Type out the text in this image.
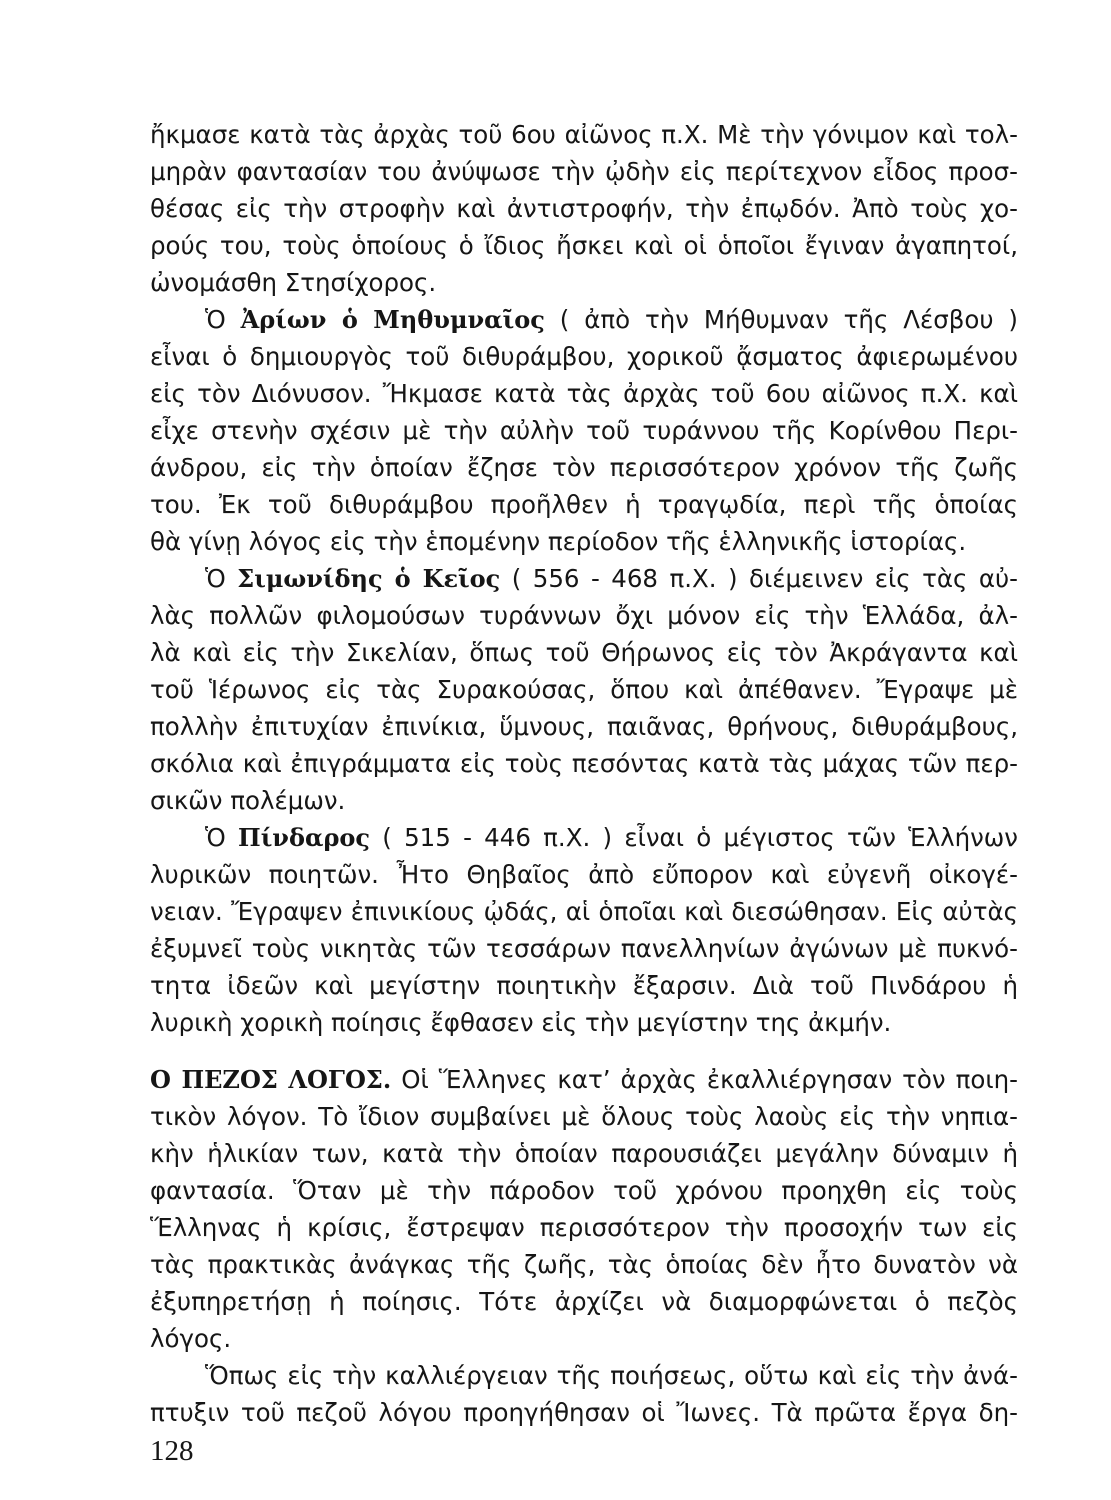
ἤκμασε κατὰ τὰς ἀρχὰς τοῦ 6ου αἰῶνος π.Χ. Μὲ τὴν γόνιμον καὶ τολ-
μηρὰν φαντασίαν του ἀνύψωσε τὴν ᾠδὴν εἰς περίτεχνον εἶδος προσ-
θέσας εἰς τὴν στροφὴν καὶ ἀντιστροφήν, τὴν ἐπῳδόν. Ἀπὸ τοὺς χο-
ρούς του, τοὺς ὁποίους ὁ ἴδιος ἤσκει καὶ οἱ ὁποῖοι ἔγιναν ἀγαπητοί,
ὠνομάσθη Στησίχορος.
Ὁ Ἀρίων ὁ Μηθυμναῖος ( ἀπὸ τὴν Μήθυμναν τῆς Λέσβου )
εἶναι ὁ δημιουργὸς τοῦ διθυράμβου, χορικοῦ ᾄσματος ἀφιερωμένου
εἰς τὸν Διόνυσον. Ἤκμασε κατὰ τὰς ἀρχὰς τοῦ 6ου αἰῶνος π.Χ. καὶ
εἶχε στενὴν σχέσιν μὲ τὴν αὐλὴν τοῦ τυράννου τῆς Κορίνθου Περι-
άνδρου, εἰς τὴν ὁποίαν ἔζησε τὸν περισσότερον χρόνον τῆς ζωῆς
του. Ἐκ τοῦ διθυράμβου προῆλθεν ἡ τραγῳδία, περὶ τῆς ὁποίας
θὰ γίνῃ λόγος εἰς τὴν ἑπομένην περίοδον τῆς ἑλληνικῆς ἱστορίας.
Ὁ Σιμωνίδης ὁ Κεῖος ( 556 - 468 π.Χ. ) διέμεινεν εἰς τὰς αὐ-
λὰς πολλῶν φιλομούσων τυράννων ὄχι μόνον εἰς τὴν Ἑλλάδα, ἀλ-
λὰ καὶ εἰς τὴν Σικελίαν, ὅπως τοῦ Θήρωνος εἰς τὸν Ἀκράγαντα καὶ
τοῦ Ἱέρωνος εἰς τὰς Συρακούσας, ὅπου καὶ ἀπέθανεν. Ἔγραψε μὲ
πολλὴν ἐπιτυχίαν ἐπινίκια, ὕμνους, παιᾶνας, θρήνους, διθυράμβους,
σκόλια καὶ ἐπιγράμματα εἰς τοὺς πεσόντας κατὰ τὰς μάχας τῶν περ-
σικῶν πολέμων.
Ὁ Πίνδαρος ( 515 - 446 π.Χ. ) εἶναι ὁ μέγιστος τῶν Ἑλλήνων
λυρικῶν ποιητῶν. Ἦτο Θηβαῖος ἀπὸ εὔπορον καὶ εὐγενῆ οἰκογέ-
νειαν. Ἔγραψεν ἐπινικίους ᾠδάς, αἱ ὁποῖαι καὶ διεσώθησαν. Εἰς αὐτὰς
ἐξυμνεῖ τοὺς νικητὰς τῶν τεσσάρων πανελληνίων ἀγώνων μὲ πυκνό-
τητα ἰδεῶν καὶ μεγίστην ποιητικὴν ἔξαρσιν. Διὰ τοῦ Πινδάρου ἡ
λυρικὴ χορικὴ ποίησις ἔφθασεν εἰς τὴν μεγίστην της ἀκμήν.
Ο ΠΕΖΟΣ ΛΟΓΟΣ. Οἱ Ἕλληνες κατ’ ἀρχὰς ἐκαλλιέργησαν τὸν ποιη-
τικὸν λόγον. Τὸ ἴδιον συμβαίνει μὲ ὅλους τοὺς λαοὺς εἰς τὴν νηπια-
κὴν ἡλικίαν των, κατὰ τὴν ὁποίαν παρουσιάζει μεγάλην δύναμιν ἡ
φαντασία. Ὅταν μὲ τὴν πάροδον τοῦ χρόνου προηχθη εἰς τοὺς
Ἕλληνας ἡ κρίσις, ἔστρεψαν περισσότερον τὴν προσοχήν των εἰς
τὰς πρακτικὰς ἀνάγκας τῆς ζωῆς, τὰς ὁποίας δὲν ἦτο δυνατὸν νὰ
ἐξυπηρετήσῃ ἡ ποίησις. Τότε ἀρχίζει νὰ διαμορφώνεται ὁ πεζὸς
λόγος.
Ὅπως εἰς τὴν καλλιέργειαν τῆς ποιήσεως, οὕτω καὶ εἰς τὴν ἀνά-
πτυξιν τοῦ πεζοῦ λόγου προηγήθησαν οἱ Ἴωνες. Τὰ πρῶτα ἔργα δη-
128
